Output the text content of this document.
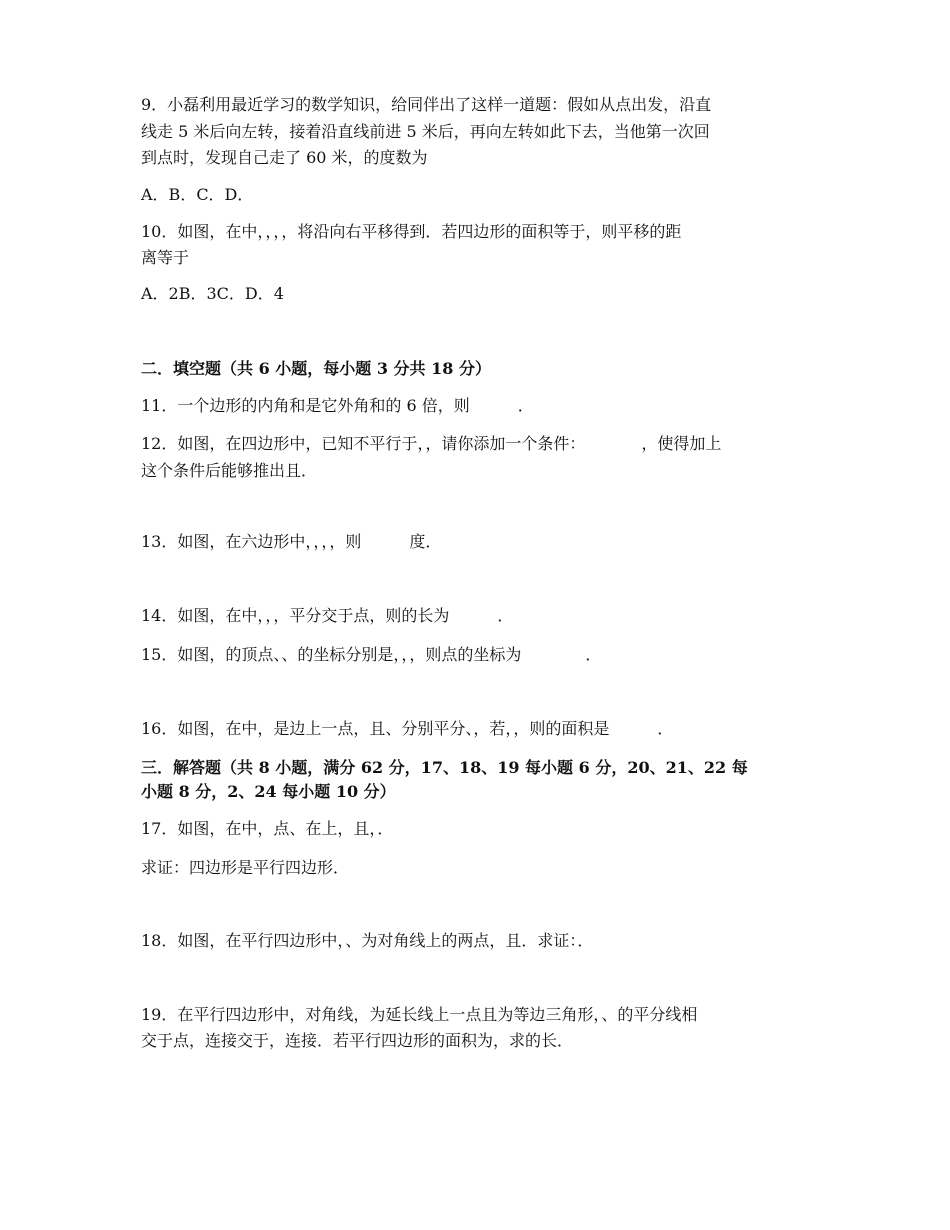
9．小磊利用最近学习的数学知识，给同伴出了这样一道题：假如从点出发，沿直
线走 5 米后向左转，接着沿直线前进 5 米后，再向左转如此下去，当他第一次回
到点时，发现自己走了 60 米，的度数为
A．B．C．D．
10．如图，在中，，，，将沿向右平移得到．若四边形的面积等于，则平移的距
离等于
A．2B．3C．D．4
二．填空题（共 6 小题，每小题 3 分共 18 分）
11．一个边形的内角和是它外角和的 6 倍，则　　　．
12．如图，在四边形中，已知不平行于，，请你添加一个条件：　　　　，使得加上
这个条件后能够推出且．
13．如图，在六边形中，，，，则　　　度．
14．如图，在中，，，平分交于点，则的长为　　　．
15．如图，的顶点、、的坐标分别是，，，则点的坐标为　　　　．
16．如图，在中，是边上一点，且、分别平分、，若，，则的面积是　　　．
三．解答题（共 8 小题，满分 62 分，17、18、19 每小题 6 分，20、21、22 每
小题 8 分，2、24 每小题 10 分）
17．如图，在中，点、在上，且，．
求证：四边形是平行四边形．
18．如图，在平行四边形中，、为对角线上的两点，且．求证：．
19．在平行四边形中，对角线，为延长线上一点且为等边三角形，、的平分线相
交于点，连接交于，连接．若平行四边形的面积为，求的长．
